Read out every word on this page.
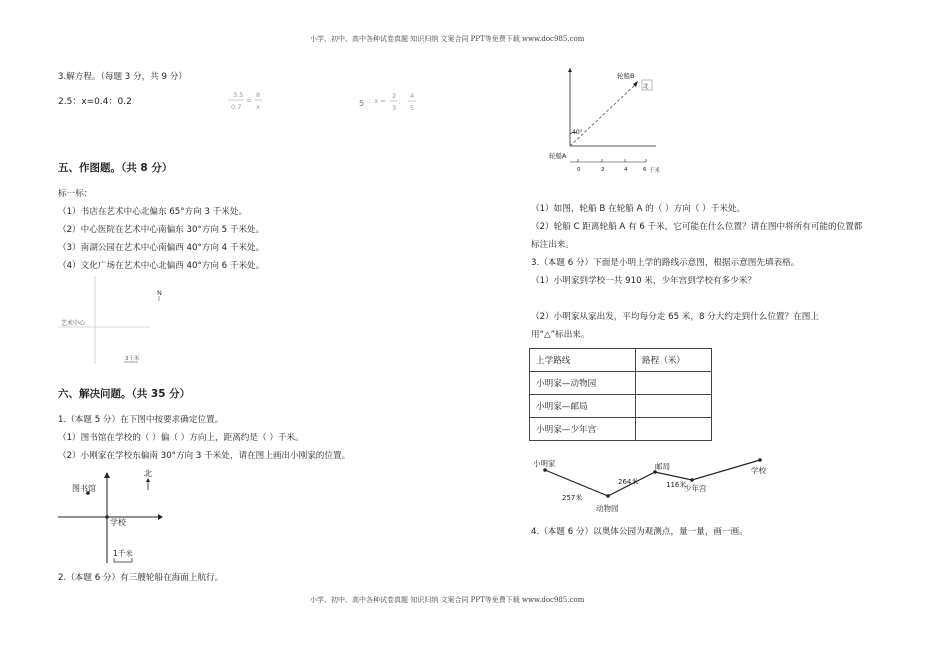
小学、初中、高中各种试卷真题 知识归纳 文案合同 PPT等免费下载 www.doc985.com
小学、初中、高中各种试卷真题 知识归纳 文案合同 PPT等免费下载 www.doc985.com
3.解方程。（每题 3 分，共 9 分）
2.5：x=0.4：0.2
3.5
0.7
=
8
x	5 ：x =
2
3
：
4
5
五、作图题。（共 8 分）
标一标：
（1）书店在艺术中心北偏东 65°方向 3 千米处。
（2）中心医院在艺术中心南偏东 30°方向 5 千米处。
（3）南湖公园在艺术中心南偏西 40°方向 4 千米处。
（4）文化广场在艺术中心北偏西 40°方向 6 千米处。
艺术中心
N
3千米
六、解决问题。（共 35 分）
1.（本题 5 分）在下图中按要求确定位置。
（1）图书馆在学校的（ ）偏（ ）方向上，距离约是（ ）千米。
（2）小刚家在学校东偏南 30°方向 3 千米处，请在图上画出小刚家的位置。
学校
图书馆
北
1千米
2.（本题 6 分）有三艘轮船在海面上航行。
40°
轮船B
北
轮船A
0	2	4	6 千米
（1）如图，轮船 B 在轮船 A 的（ ）方向（ ）千米处。
（2）轮船 C 距离轮船 A 有 6 千米，它可能在什么位置？请在图中将所有可能的位置都
标注出来。
3.（本题 6 分）下面是小明上学的路线示意图，根据示意图先填表格。
（1）小明家到学校一共 910 米，少年宫到学校有多少米？
（2）小明家从家出发，平均每分走 65 米，8 分大约走到什么位置？在图上
用“△”标出来。
上学路线	路程（米）
小明家—动物园	
小明家—邮局	
小明家—少年宫	
小明家
动物园
邮局
少年宫
学校
257米
264米	116米
4.（本题 6 分）以奥体公园为观测点，量一量，画一画。
